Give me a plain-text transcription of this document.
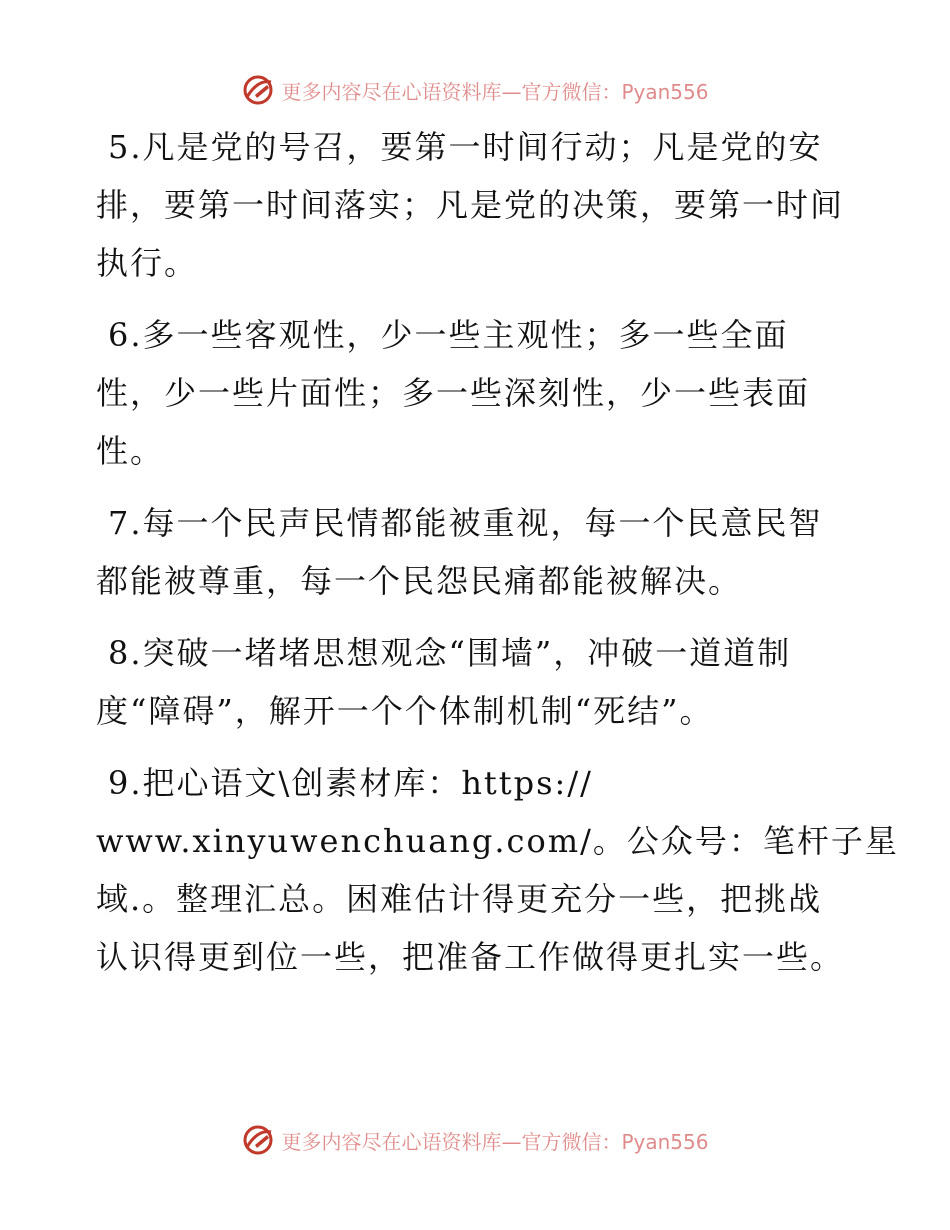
更多内容尽在心语资料库—官方微信：Pyan556
5.凡是党的号召，要第一时间行动；凡是党的安
排，要第一时间落实；凡是党的决策，要第一时间
执行。
6.多一些客观性，少一些主观性；多一些全面
性，少一些片面性；多一些深刻性，少一些表面
性。
7.每一个民声民情都能被重视，每一个民意民智
都能被尊重，每一个民怨民痛都能被解决。
8.突破一堵堵思想观念“围墙”，冲破一道道制
度“障碍”，解开一个个体制机制“死结”。
9.把心语文\创素材库：https://
www.xinyuwenchuang.com/。公众号：笔杆子星
域.。整理汇总。困难估计得更充分一些，把挑战
认识得更到位一些，把准备工作做得更扎实一些。
更多内容尽在心语资料库—官方微信：Pyan556
